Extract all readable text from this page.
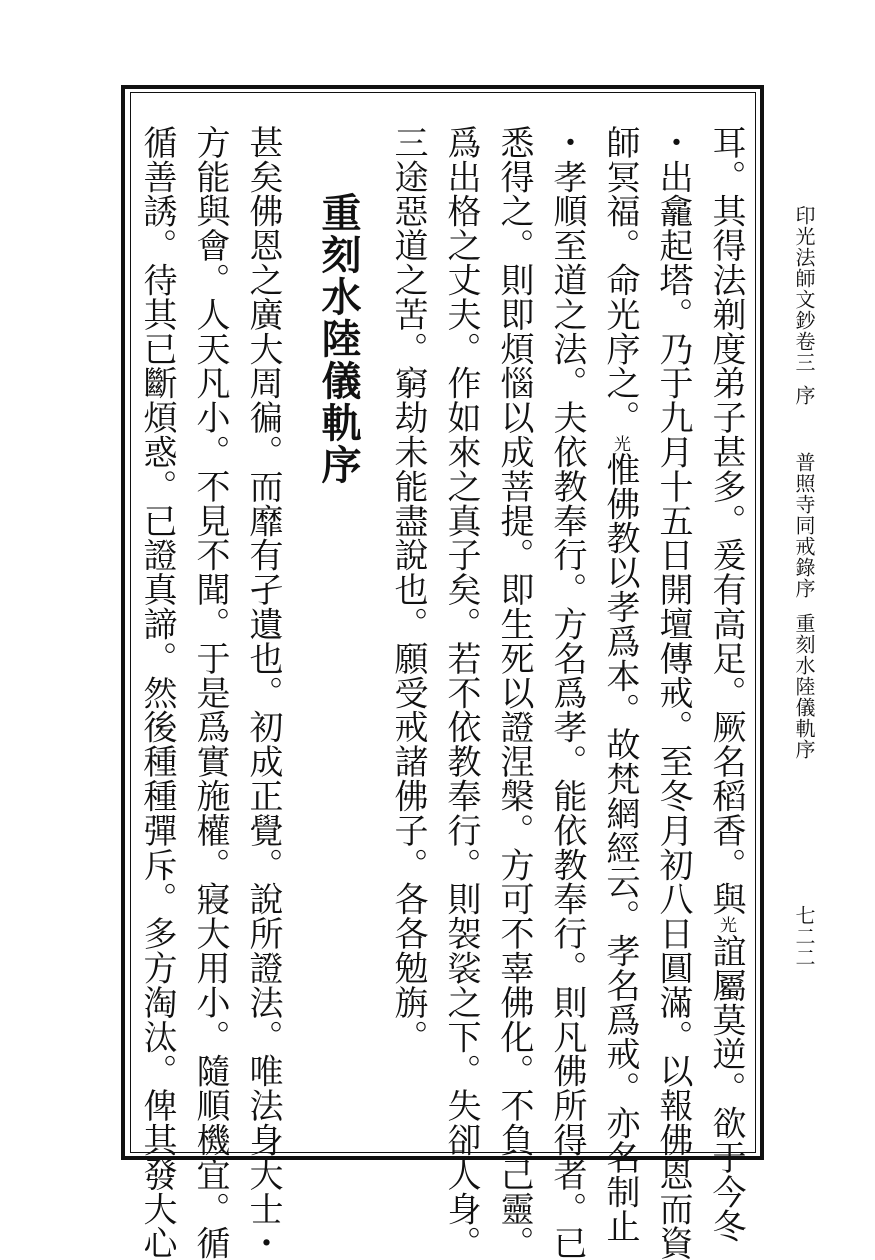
印光法師文鈔卷三
序
普照寺同戒錄序
重刻水陸儀軌序
七二二
耳。其得法剃度弟子甚多。爰有高足。厥名稻香。與光誼屬莫逆。欲于今冬
・出龕起塔。乃于九月十五日開壇傳戒。至冬月初八日圓滿。以報佛恩而資
師冥福。命光序之。光惟佛教以孝爲本。故梵網經云。孝名爲戒。亦名制止
・孝順至道之法。夫依教奉行。方名爲孝。能依教奉行。則凡佛所得者。已
悉得之。則即煩惱以成菩提。即生死以證涅槃。方可不辜佛化。不負己靈。
爲出格之丈夫。作如來之真子矣。若不依教奉行。則袈裟之下。失卻人身。
三途惡道之苦。窮劫未能盡說也。願受戒諸佛子。各各勉旃。
重刻水陸儀軌序
甚矣佛恩之廣大周徧。而靡有孑遺也。初成正覺。說所證法。唯法身大士・
方能與會。人天凡小。不見不聞。于是爲實施權。寢大用小。隨順機宜。循
循善誘。待其已斷煩惑。已證真諦。然後種種彈斥。多方淘汰。俾其發大心
